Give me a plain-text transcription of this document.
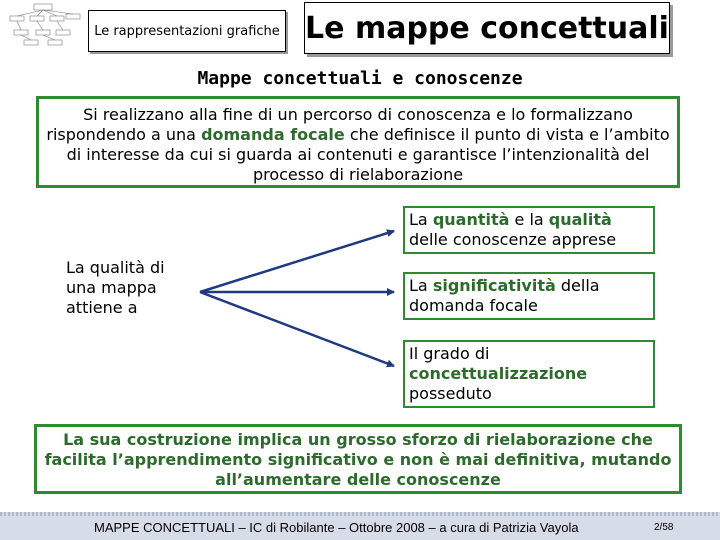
Le rappresentazioni grafiche Le mappe concettuali
Mappe concettuali e conoscenze
Si realizzano alla fine di un percorso di conoscenza e lo formalizzano rispondendo a una domanda focale che definisce il punto di vista e l’ambito di interesse da cui si guarda ai contenuti e garantisce l’intenzionalità del processo di rielaborazione
La qualità di una mappa attiene a
La quantità e la qualità delle conoscenze apprese
La significatività della domanda focale
Il grado di concettualizzazione posseduto
La sua costruzione implica un grosso sforzo di rielaborazione che facilita l’apprendimento significativo e non è mai definitiva, mutando all’aumentare delle conoscenze
MAPPE CONCETTUALI – IC di Robilante – Ottobre 2008 – a cura di Patrizia Vayola	2/58
